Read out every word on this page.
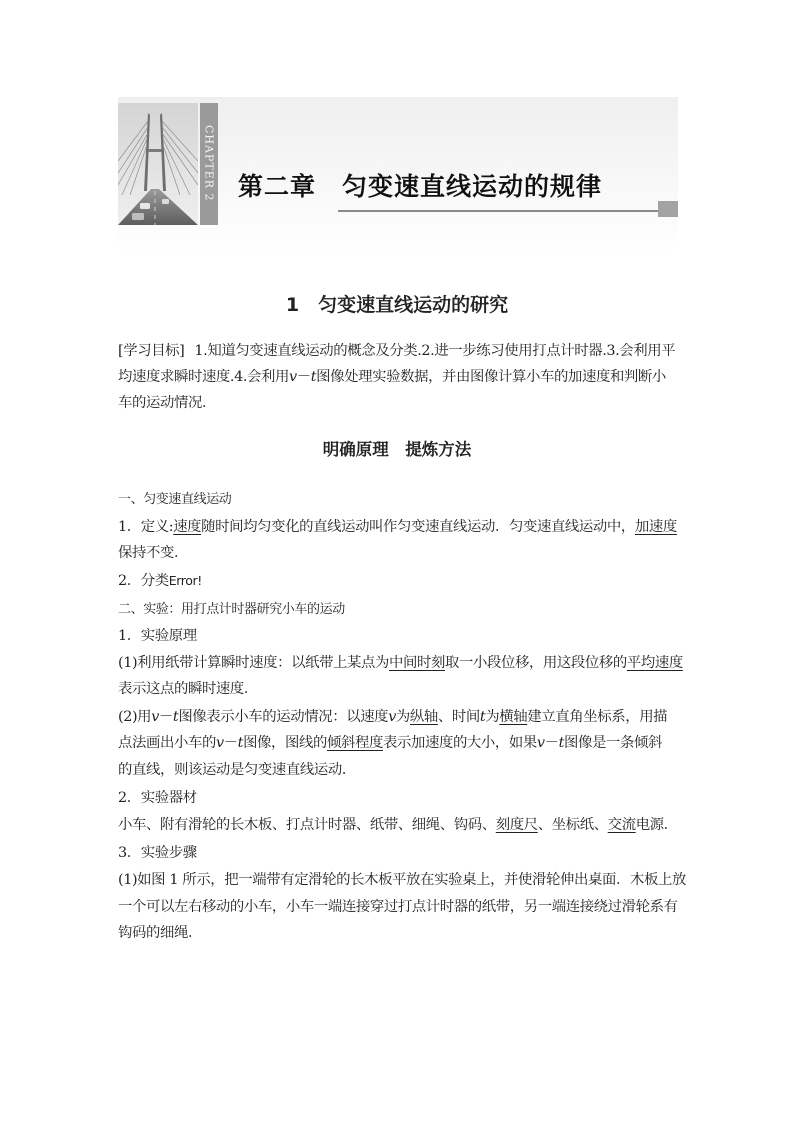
CHAPTER 2 第二章　匀变速直线运动的规律
1　匀变速直线运动的研究
[学习目标] 1.知道匀变速直线运动的概念及分类.2.进一步练习使用打点计时器.3.会利用平均速度求瞬时速度.4.会利用v－t图像处理实验数据，并由图像计算小车的加速度和判断小车的运动情况．
明确原理　提炼方法
一、匀变速直线运动
1．定义:速度随时间均匀变化的直线运动叫作匀变速直线运动．匀变速直线运动中，加速度
保持不变．
2．分类Error!
二、实验：用打点计时器研究小车的运动
1．实验原理
(1)利用纸带计算瞬时速度：以纸带上某点为中间时刻取一小段位移，用这段位移的平均速度
表示这点的瞬时速度．
(2)用v－t图像表示小车的运动情况：以速度v为纵轴、时间t为横轴建立直角坐标系，用描
点法画出小车的v－t图像，图线的倾斜程度表示加速度的大小，如果v－t图像是一条倾斜
的直线，则该运动是匀变速直线运动．
2．实验器材
小车、附有滑轮的长木板、打点计时器、纸带、细绳、钩码、刻度尺、坐标纸、交流电源．
3．实验步骤
(1)如图 1 所示，把一端带有定滑轮的长木板平放在实验桌上，并使滑轮伸出桌面．木板上放
一个可以左右移动的小车，小车一端连接穿过打点计时器的纸带，另一端连接绕过滑轮系有
钩码的细绳．
